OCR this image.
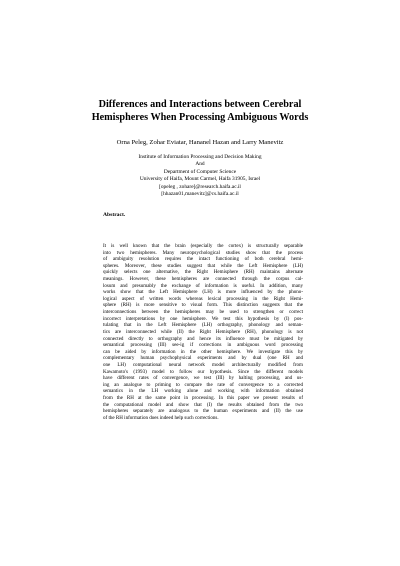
Differences and Interactions between Cerebral
Hemispheres When Processing Ambiguous Words
Orna Peleg, Zohar Eviatar, Hananel Hazan and Larry Manevitz
Institute of Information Processing and Decision Making
And
Department of Computer Science
University of Haifa, Mount Carmel, Haifa 31905, Israel
[opeleg , zohare]@research.haifa.ac.il
[hhazan01,manevitz]@cs.haifa.ac.il
Abstract.
It is well known that the brain (especially the cortex) is structurally separable
into two hemispheres. Many neuropsychological studies show that the process
of ambiguity resolution requires the intact functioning of both cerebral hemi-
spheres. Moreover, these studies suggest that while the Left Hemisphere (LH)
quickly selects one alternative, the Right Hemisphere (RH) maintains alternate
meanings. However, these hemispheres are connected through the corpus cal-
losum and presumably the exchange of information is useful. In addition, many
works show that the Left Hemisphere (LH) is more influenced by the phono-
logical aspect of written words whereas lexical processing in the Right Hemi-
sphere (RH) is more sensitive to visual form. This distinction suggests that the
interconnections between the hemispheres may be used to strengthen or correct
incorrect interpretations by one hemisphere. We test this hypothesis by (I) pos-
tulating that in the Left Hemisphere (LH) orthography, phonology and seman-
tics are interconnected while (II) the Right Hemisphere (RH), phonology is not
connected directly to orthography and hence its influence must be mitigated by
semantical processing (III) see-ig if corrections in ambiguous word processing
can be aided by information in the other hemisphere. We investigate this by
complementary human psychophysical experiments and by dual (one RH and
one LH) computational neural network model architecturally modified from
Kawamoto's (1993) model to follow our hypothesis. Since the different models
have different rates of convergence, we test (III) by halting processing, and us-
ing an analogue to priming to compare the rate of convergence to a corrected
semantics in the LH working alone and working with information obtained
from the RH at the same point in processing. In this paper we present results of
the computational model and show that (I) the results obtained from the two
hemispheres separately are analogous to the human experiments and (II) the use
of the RH information does indeed help such corrections.
